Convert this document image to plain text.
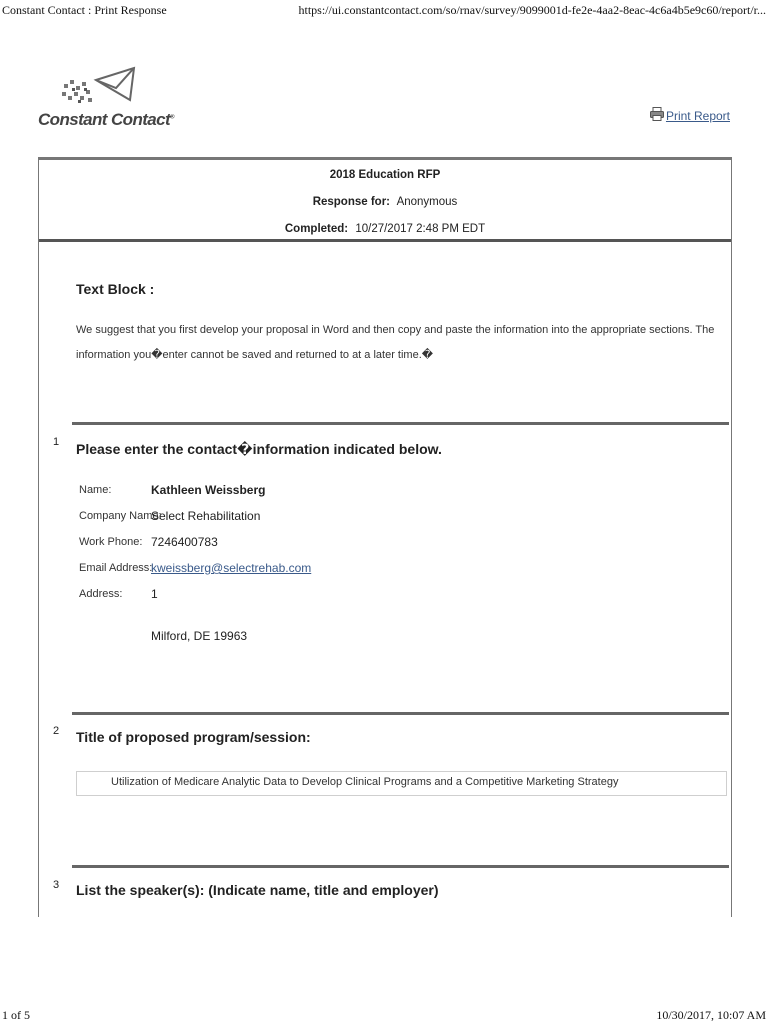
Constant Contact : Print Response	https://ui.constantcontact.com/so/rnav/survey/9099001d-fe2e-4aa2-8eac-4c6a4b5e9c60/report/r...
Constant Contact®	Print Report
2018 Education RFP
Response for: Anonymous
Completed: 10/27/2017 2:48 PM EDT
Text Block :
We suggest that you first develop your proposal in Word and then copy and paste the information into the appropriate sections. The information you�enter cannot be saved and returned to at a later time.�
1 Please enter the contact�information indicated below.
Name:	Kathleen Weissberg
Company Name:
Select Rehabilitation
Work Phone: 7246400783
Email Address:
kweissberg@selectrehab.com
Address: 1
Milford, DE 19963
2 Title of proposed program/session:
Utilization of Medicare Analytic Data to Develop Clinical Programs and a Competitive Marketing Strategy
3 List the speaker(s): (Indicate name, title and employer)
1 of 5	10/30/2017, 10:07 AM
